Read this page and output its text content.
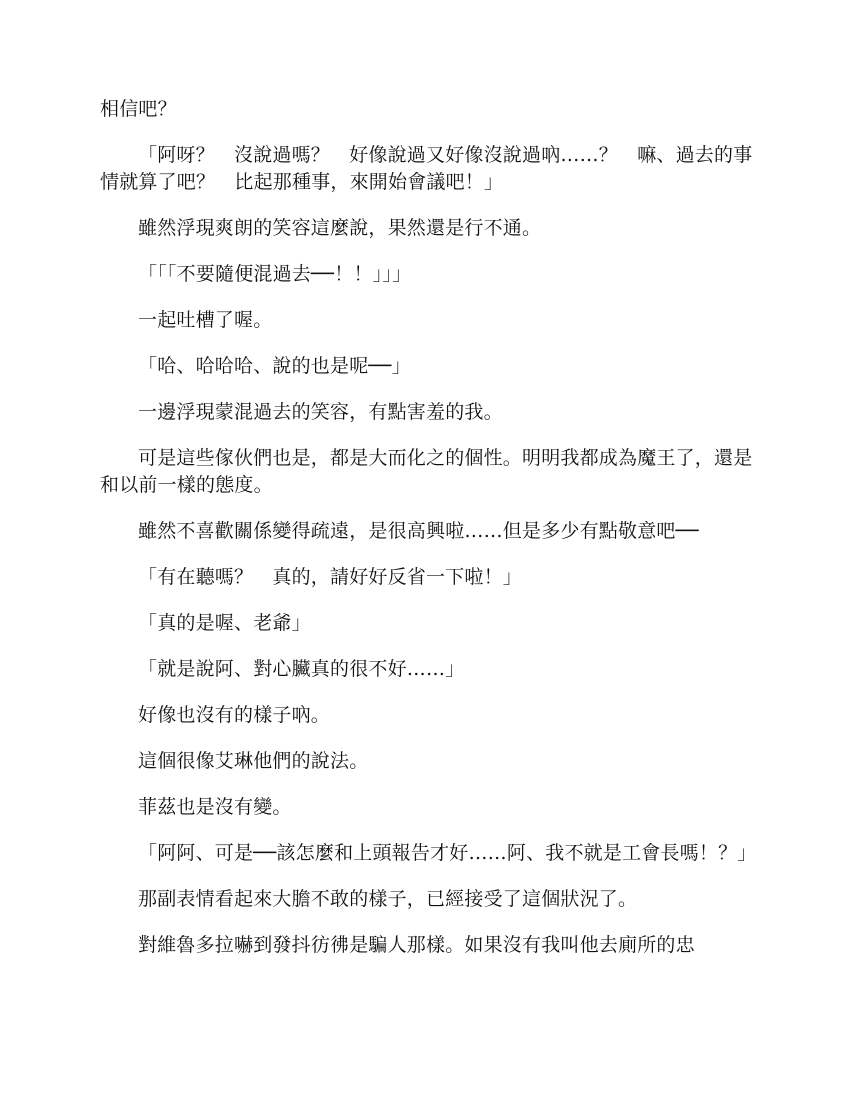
相信吧？

「阿呀？　沒說過嗎？　好像說過又好像沒說過吶……？　嘛、過去的事情就算了吧？　比起那種事，來開始會議吧！」

雖然浮現爽朗的笑容這麼說，果然還是行不通。

「「「不要隨便混過去──！！」」」

一起吐槽了喔。

「哈、哈哈哈、說的也是呢──」

一邊浮現蒙混過去的笑容，有點害羞的我。

可是這些傢伙們也是，都是大而化之的個性。明明我都成為魔王了，還是和以前一樣的態度。

雖然不喜歡關係變得疏遠，是很高興啦……但是多少有點敬意吧──

「有在聽嗎？　真的，請好好反省一下啦！」

「真的是喔、老爺」

「就是說阿、對心臟真的很不好……」

好像也沒有的樣子吶。

這個很像艾琳他們的說法。

菲茲也是沒有變。

「阿阿、可是──該怎麼和上頭報告才好……阿、我不就是工會長嗎！？」

那副表情看起來大膽不敢的樣子，已經接受了這個狀況了。

對維魯多拉嚇到發抖彷彿是騙人那樣。如果沒有我叫他去廁所的忠
